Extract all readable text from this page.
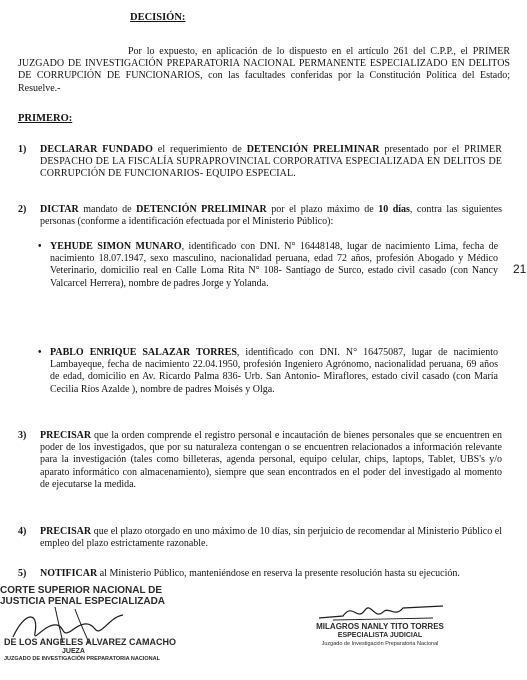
DECISIÓN:
Por lo expuesto, en aplicación de lo dispuesto en el artículo 261 del C.P.P., el PRIMER JUZGADO DE INVESTIGACIÓN PREPARATORIA NACIONAL PERMANENTE ESPECIALIZADO EN DELITOS DE CORRUPCIÓN DE FUNCIONARIOS, con las facultades conferidas por la Constitución Política del Estado; Resuelve.-
PRIMERO:
1)	DECLARAR FUNDADO el requerimiento de DETENCIÓN PRELIMINAR presentado por el PRIMER DESPACHO DE LA FISCALÍA SUPRAPROVINCIAL CORPORATIVA ESPECIALIZADA EN DELITOS DE CORRUPCIÓN DE FUNCIONARIOS- EQUIPO ESPECIAL.
2)	DICTAR mandato de DETENCIÓN PRELIMINAR por el plazo máximo de 10 días, contra las siguientes personas (conforme a identificación efectuada por el Ministerio Público):
• YEHUDE SIMON MUNARO, identificado con DNI. N° 16448148, lugar de nacimiento Lima, fecha de nacimiento 18.07.1947, sexo masculino, nacionalidad peruana, edad 72 años, profesión Abogado y Médico Veterinario, domicilio real en Calle Loma Rita N° 108- Santiago de Surco, estado civil casado (con Nancy Valcarcel Herrera), nombre de padres Jorge y Yolanda.
21
• PABLO ENRIQUE SALAZAR TORRES, identificado con DNI. N° 16475087, lugar de nacimiento Lambayeque, fecha de nacimiento 22.04.1950, profesión Ingeniero Agrónomo, nacionalidad peruana, 69 años de edad, domicilio en Av. Ricardo Palma 836- Urb. San Antonio- Miraflores, estado civil casado (con María Cecilia Ríos Azalde ), nombre de padres Moisés y Olga.
3)	PRECISAR que la orden comprende el registro personal e incautación de bienes personales que se encuentren en poder de los investigados, que por su naturaleza contengan o se encuentren relacionados a información relevante para la investigación (tales como billeteras, agenda personal, equipo celular, chips, laptops, Tablet, UBS's y/o aparato informático con almacenamiento), siempre que sean encontrados en el poder del investigado al momento de ejecutarse la medida.
4)	PRECISAR que el plazo otorgado en uno máximo de 10 días, sin perjuicio de recomendar al Ministerio Público el empleo del plazo estrictamente razonable.
5)	NOTIFICAR al Ministerio Público, manteniéndose en reserva la presente resolución hasta su ejecución.
CORTE SUPERIOR NACIONAL DE
JUSTICIA PENAL ESPECIALIZADA
DE LOS ANGELES ALVAREZ CAMACHO
JUEZA
JUZGADO DE INVESTIGACIÓN PREPARATORIA NACIONAL
MILAGROS NANLY TITO TORRES
ESPECIALISTA JUDICIAL
Juzgado de Investigación Preparatoria Nacional
